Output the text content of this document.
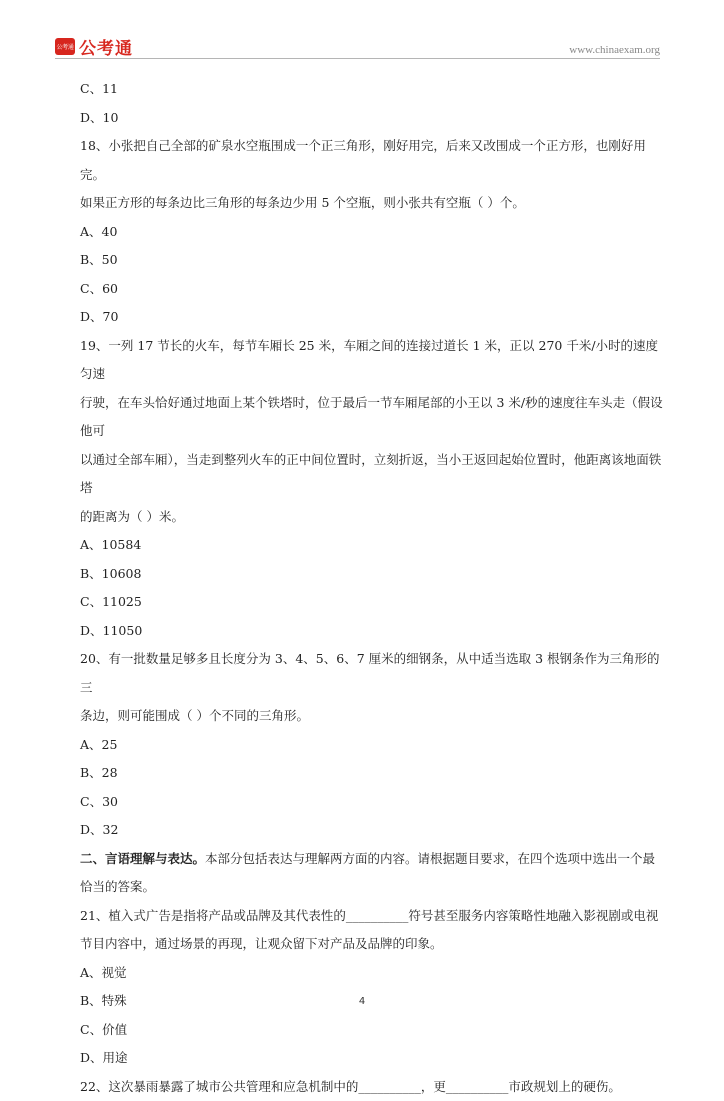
公考通 公考通	www.chinaexam.org

C、11

D、10

18、小张把自己全部的矿泉水空瓶围成一个正三角形，刚好用完，后来又改围成一个正方形，也刚好用完。

如果正方形的每条边比三角形的每条边少用 5 个空瓶，则小张共有空瓶（ ）个。

A、40

B、50

C、60

D、70

19、一列 17 节长的火车，每节车厢长 25 米，车厢之间的连接过道长 1 米，正以 270 千米/小时的速度匀速

行驶，在车头恰好通过地面上某个铁塔时，位于最后一节车厢尾部的小王以 3 米/秒的速度往车头走（假设他可

以通过全部车厢），当走到整列火车的正中间位置时，立刻折返，当小王返回起始位置时，他距离该地面铁塔

的距离为（ ）米。

A、10584

B、10608

C、11025

D、11050

20、有一批数量足够多且长度分为 3、4、5、6、7 厘米的细钢条，从中适当选取 3 根钢条作为三角形的三

条边，则可能围成（ ）个不同的三角形。

A、25

B、28

C、30

D、32

二、言语理解与表达。本部分包括表达与理解两方面的内容。请根据题目要求，在四个选项中选出一个最

恰当的答案。

21、植入式广告是指将产品或品牌及其代表性的__________符号甚至服务内容策略性地融入影视剧或电视

节目内容中，通过场景的再现，让观众留下对产品及品牌的印象。

A、视觉

B、特殊

C、价值

D、用途

22、这次暴雨暴露了城市公共管理和应急机制中的__________，更__________市政规划上的硬伤。

4
